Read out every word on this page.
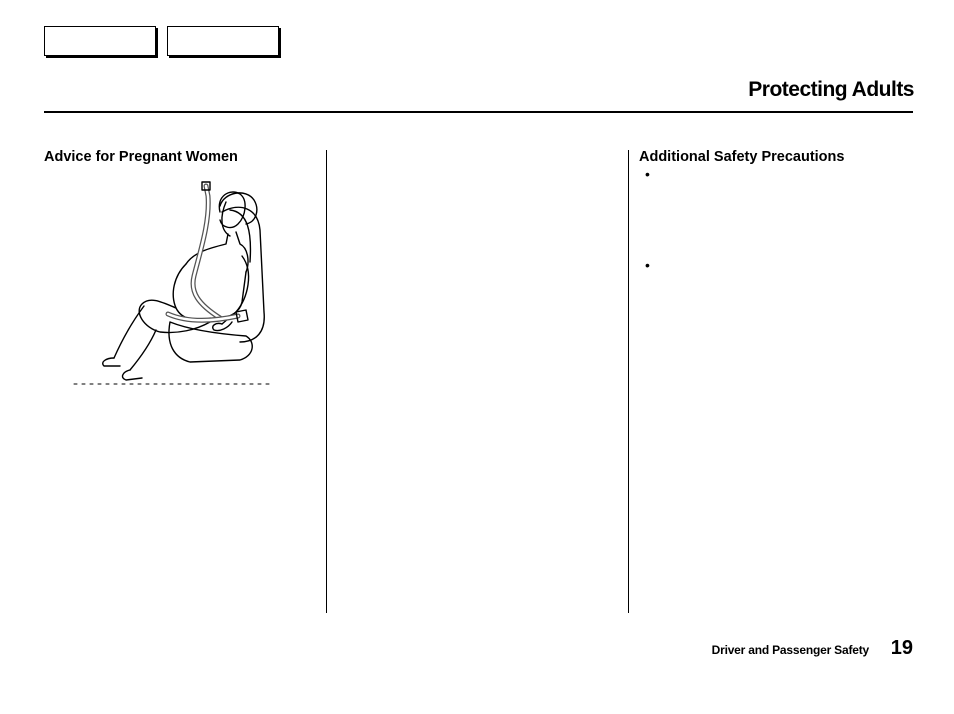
Protecting Adults
Advice for Pregnant Women	Additional Safety Precautions
•
•
Driver and Passenger Safety 19
